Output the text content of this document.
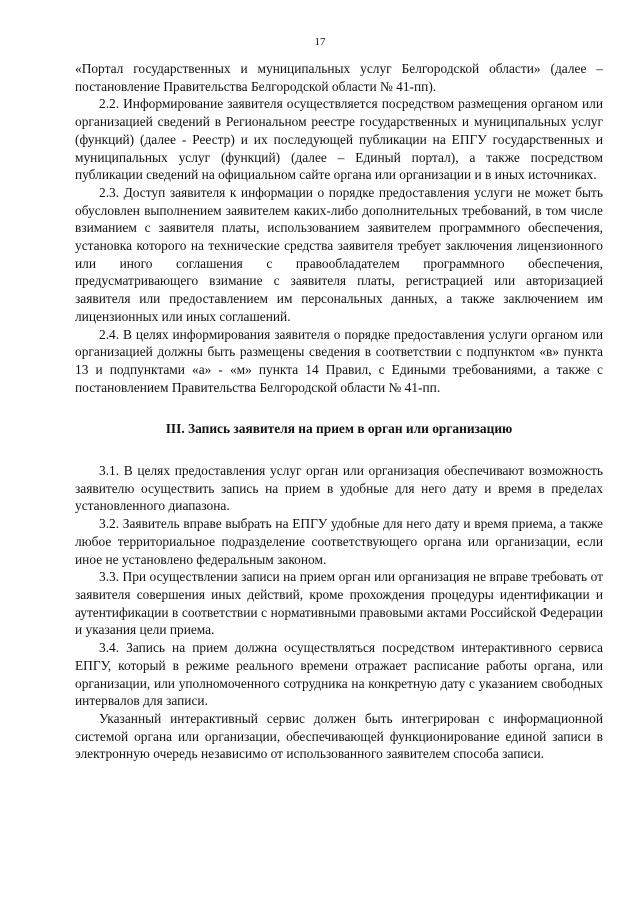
17

«Портал государственных и муниципальных услуг Белгородской области» (далее – постановление Правительства Белгородской области № 41-пп).

2.2. Информирование заявителя осуществляется посредством размещения органом или организацией сведений в Региональном реестре государственных и муниципальных услуг (функций) (далее - Реестр) и их последующей публикации на ЕПГУ государственных и муниципальных услуг (функций) (далее – Единый портал), а также посредством публикации сведений на официальном сайте органа или организации и в иных источниках.

2.3. Доступ заявителя к информации о порядке предоставления услуги не может быть обусловлен выполнением заявителем каких-либо дополнительных требований, в том числе взиманием с заявителя платы, использованием заявителем программного обеспечения, установка которого на технические средства заявителя требует заключения лицензионного или иного соглашения с правообладателем программного обеспечения, предусматривающего взимание с заявителя платы, регистрацией или авторизацией заявителя или предоставлением им персональных данных, а также заключением им лицензионных или иных соглашений.

2.4. В целях информирования заявителя о порядке предоставления услуги органом или организацией должны быть размещены сведения в соответствии с подпунктом «в» пункта 13 и подпунктами «а» - «м» пункта 14 Правил, с Едиными требованиями, а также с постановлением Правительства Белгородской области № 41-пп.

III. Запись заявителя на прием в орган или организацию

3.1. В целях предоставления услуг орган или организация обеспечивают возможность заявителю осуществить запись на прием в удобные для него дату и время в пределах установленного диапазона.

3.2. Заявитель вправе выбрать на ЕПГУ удобные для него дату и время приема, а также любое территориальное подразделение соответствующего органа или организации, если иное не установлено федеральным законом.

3.3. При осуществлении записи на прием орган или организация не вправе требовать от заявителя совершения иных действий, кроме прохождения процедуры идентификации и аутентификации в соответствии с нормативными правовыми актами Российской Федерации и указания цели приема.

3.4. Запись на прием должна осуществляться посредством интерактивного сервиса ЕПГУ, который в режиме реального времени отражает расписание работы органа, или организации, или уполномоченного сотрудника на конкретную дату с указанием свободных интервалов для записи.

Указанный интерактивный сервис должен быть интегрирован с информационной системой органа или организации, обеспечивающей функционирование единой записи в электронную очередь независимо от использованного заявителем способа записи.
